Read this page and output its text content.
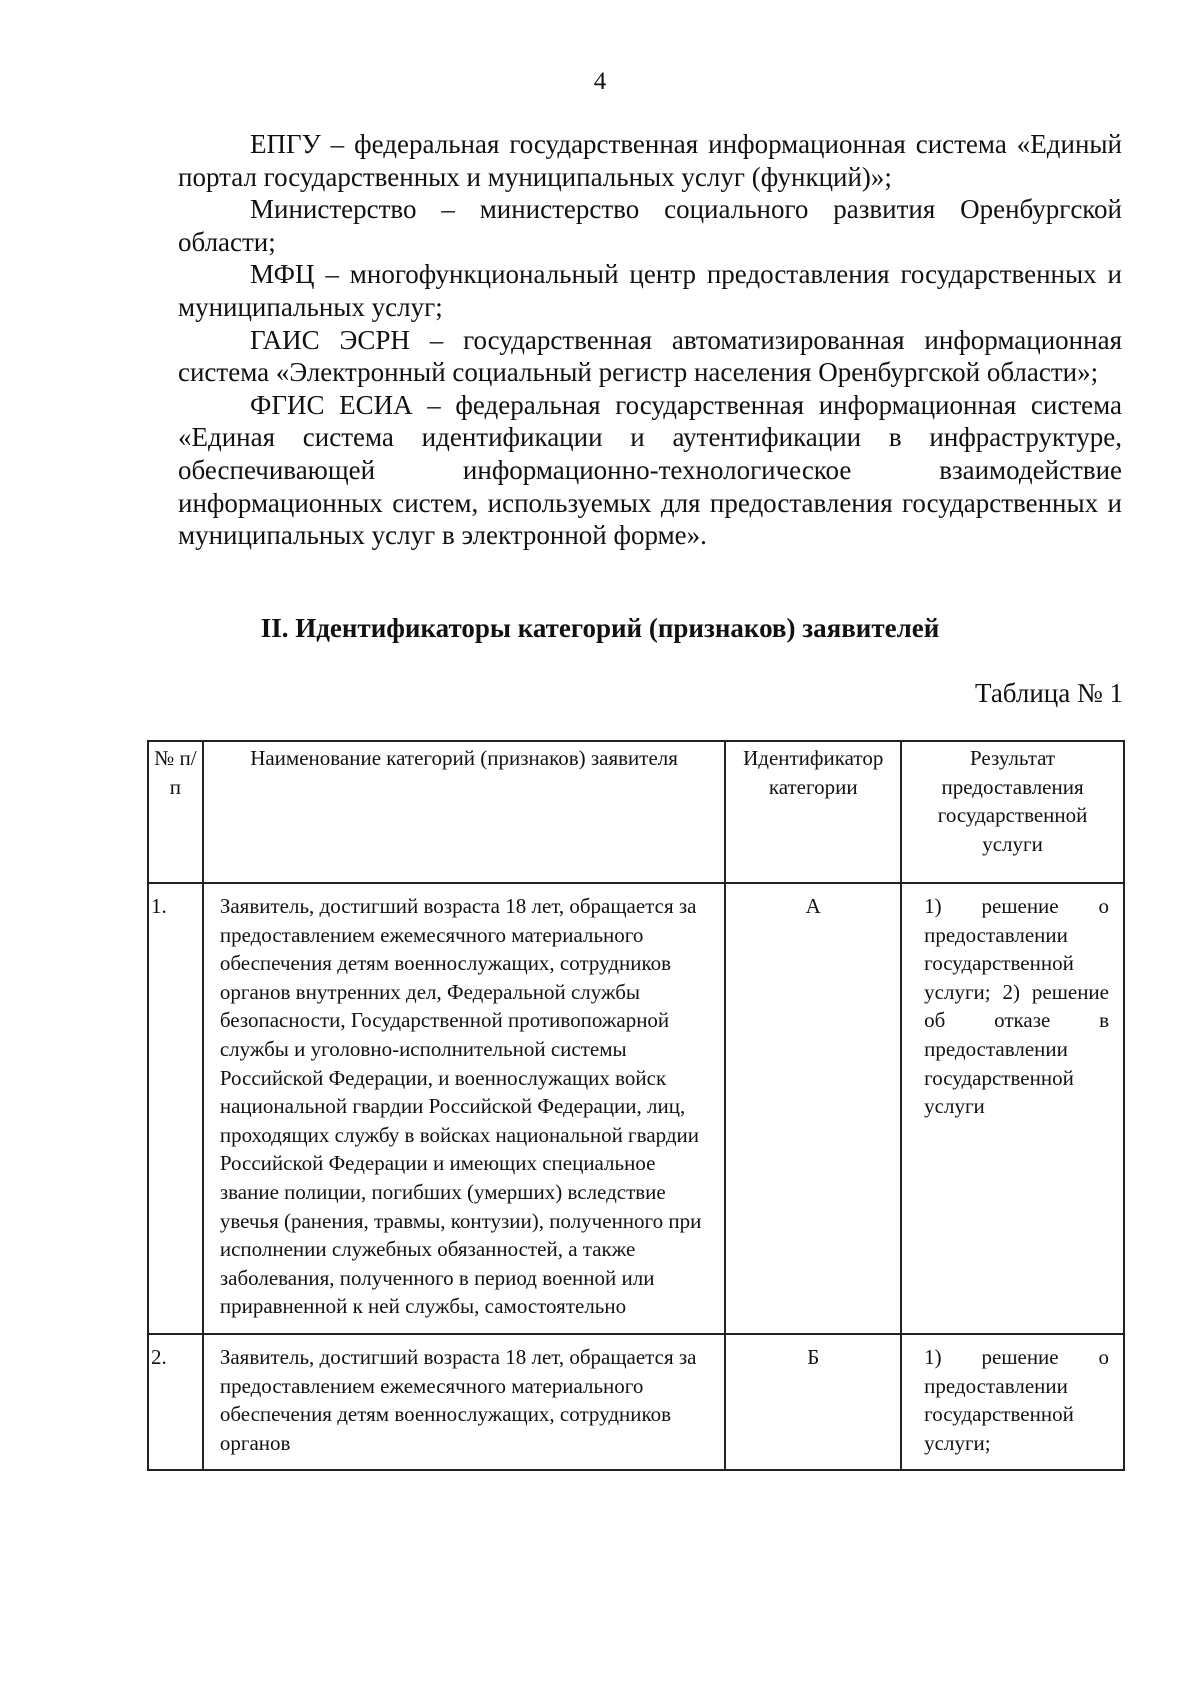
4

ЕПГУ – федеральная государственная информационная система «Единый портал государственных и муниципальных услуг (функций)»;

Министерство – министерство социального развития Оренбургской области;

МФЦ – многофункциональный центр предоставления государственных и муниципальных услуг;

ГАИС ЭСРН – государственная автоматизированная информационная система «Электронный социальный регистр населения Оренбургской области»;

ФГИС ЕСИА – федеральная государственная информационная система «Единая система идентификации и аутентификации в инфраструктуре, обеспечивающей информационно-технологическое взаимодействие информационных систем, используемых для предоставления государственных и муниципальных услуг в электронной форме».

II. Идентификаторы категорий (признаков) заявителей
Таблица № 1
№ п/п	Наименование категорий (признаков) заявителя	Идентификатор категории	Результат предоставления государственной услуги
1.	Заявитель, достигший возраста 18 лет, обращается за предоставлением ежемесячного материального обеспечения детям военнослужащих, сотрудников органов внутренних дел, Федеральной службы безопасности, Государственной противопожарной службы и уголовно-исполнительной системы Российской Федерации, и военнослужащих войск национальной гвардии Российской Федерации, лиц, проходящих службу в войсках национальной гвардии Российской Федерации и имеющих специальное звание полиции, погибших (умерших) вследствие увечья (ранения, травмы, контузии), полученного при исполнении служебных обязанностей, а также заболевания, полученного в период военной или приравненной к ней службы, самостоятельно	А	1) решение о предоставлении государственной услуги; 2) решение об отказе в предоставлении государственной услуги
2.	Заявитель, достигший возраста 18 лет, обращается за предоставлением ежемесячного материального обеспечения детям военнослужащих, сотрудников органов	Б	1) решение о предоставлении государственной услуги;
